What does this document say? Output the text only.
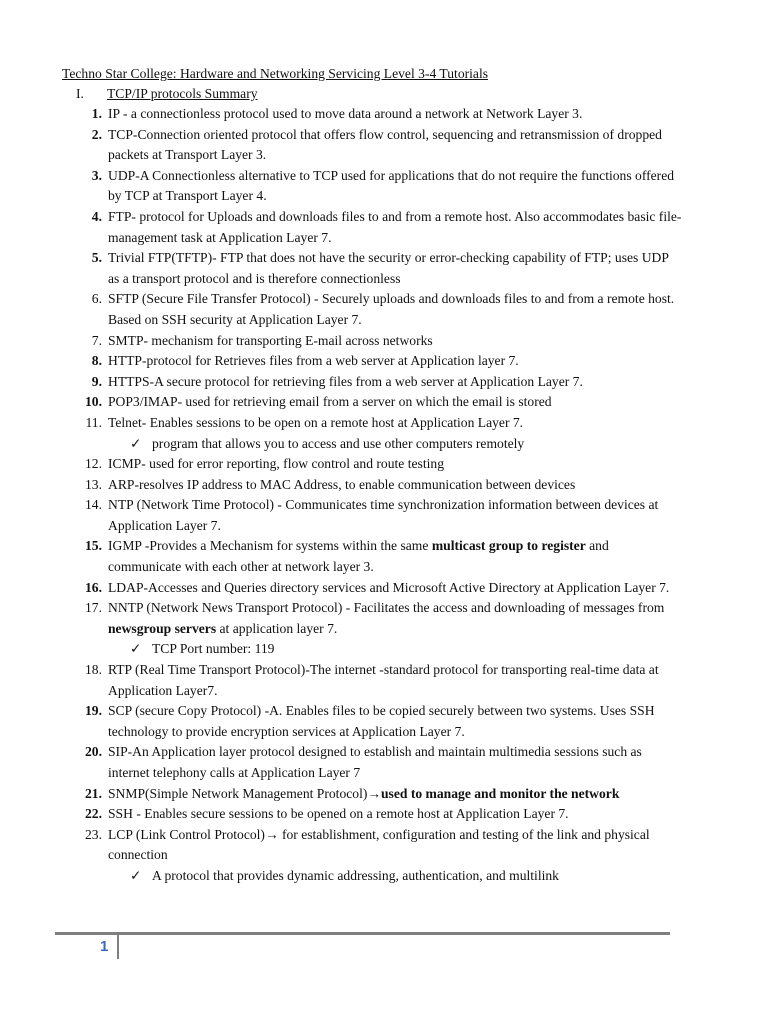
Techno Star College: Hardware and Networking Servicing Level 3-4 Tutorials
I. TCP/IP protocols Summary
1. IP - a connectionless protocol used to move data around a network at Network Layer 3.
2. TCP-Connection oriented protocol that offers flow control, sequencing and retransmission of dropped packets at Transport Layer 3.
3. UDP-A Connectionless alternative to TCP used for applications that do not require the functions offered by TCP at Transport Layer 4.
4. FTP- protocol for Uploads and downloads files to and from a remote host. Also accommodates basic file-management task at Application Layer 7.
5. Trivial FTP(TFTP)- FTP that does not have the security or error-checking capability of FTP; uses UDP as a transport protocol and is therefore connectionless
6. SFTP (Secure File Transfer Protocol) - Securely uploads and downloads files to and from a remote host. Based on SSH security at Application Layer 7.
7. SMTP- mechanism for transporting E-mail across networks
8. HTTP-protocol for Retrieves files from a web server at Application layer 7.
9. HTTPS-A secure protocol for retrieving files from a web server at Application Layer 7.
10. POP3/IMAP- used for retrieving email from a server on which the email is stored
11. Telnet- Enables sessions to be open on a remote host at Application Layer 7.
✓ program that allows you to access and use other computers remotely
12. ICMP- used for error reporting, flow control and route testing
13. ARP-resolves IP address to MAC Address, to enable communication between devices
14. NTP (Network Time Protocol) - Communicates time synchronization information between devices at Application Layer 7.
15. IGMP -Provides a Mechanism for systems within the same multicast group to register and communicate with each other at network layer 3.
16. LDAP-Accesses and Queries directory services and Microsoft Active Directory at Application Layer 7.
17. NNTP (Network News Transport Protocol) - Facilitates the access and downloading of messages from newsgroup servers at application layer 7.
✓ TCP Port number: 119
18. RTP (Real Time Transport Protocol)-The internet -standard protocol for transporting real-time data at Application Layer7.
19. SCP (secure Copy Protocol) -A. Enables files to be copied securely between two systems. Uses SSH technology to provide encryption services at Application Layer 7.
20. SIP-An Application layer protocol designed to establish and maintain multimedia sessions such as internet telephony calls at Application Layer 7
21. SNMP(Simple Network Management Protocol)→used to manage and monitor the network
22. SSH - Enables secure sessions to be opened on a remote host at Application Layer 7.
23. LCP (Link Control Protocol)→ for establishment, configuration and testing of the link and physical connection
✓ A protocol that provides dynamic addressing, authentication, and multilink
1
